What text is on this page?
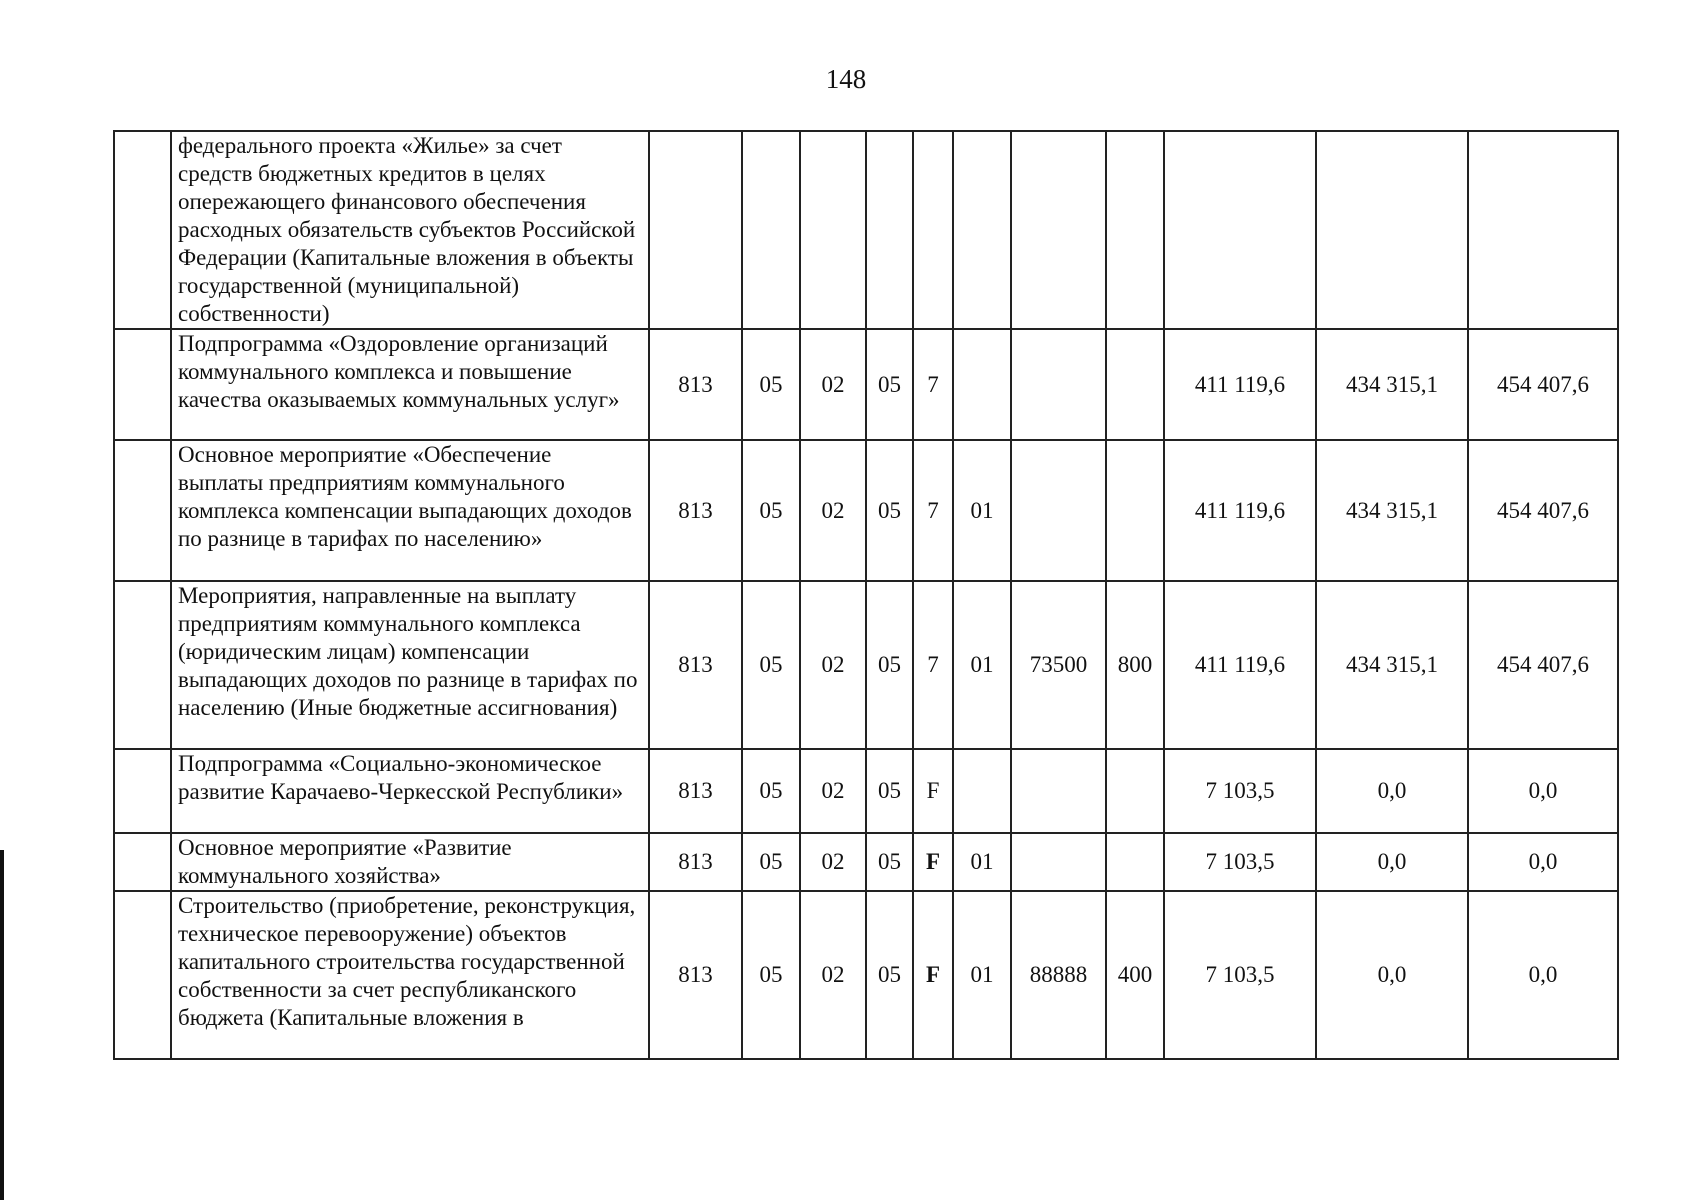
148
	федерального проекта «Жилье» за счет средств бюджетных кредитов в целях опережающего финансового обеспечения расходных обязательств субъектов Российской Федерации (Капитальные вложения в объекты государственной (муниципальной) собственности)											
	Подпрограмма «Оздоровление организаций коммунального комплекса и повышение качества оказываемых коммунальных услуг»	813	05	02	05	7				411 119,6	434 315,1	454 407,6
	Основное мероприятие «Обеспечение выплаты предприятиям коммунального комплекса компенсации выпадающих доходов по разнице в тарифах по населению»	813	05	02	05	7	01			411 119,6	434 315,1	454 407,6
	Мероприятия, направленные на выплату предприятиям коммунального комплекса (юридическим лицам) компенсации выпадающих доходов по разнице в тарифах по населению (Иные бюджетные ассигнования)	813	05	02	05	7	01	73500	800	411 119,6	434 315,1	454 407,6
	Подпрограмма «Социально-экономическое развитие Карачаево-Черкесской Республики»	813	05	02	05	F				7 103,5	0,0	0,0
	Основное мероприятие «Развитие коммунального хозяйства»	813	05	02	05	F	01			7 103,5	0,0	0,0
	Строительство (приобретение, реконструкция, техническое перевооружение) объектов капитального строительства государственной собственности за счет республиканского бюджета (Капитальные вложения в	813	05	02	05	F	01	88888	400	7 103,5	0,0	0,0
